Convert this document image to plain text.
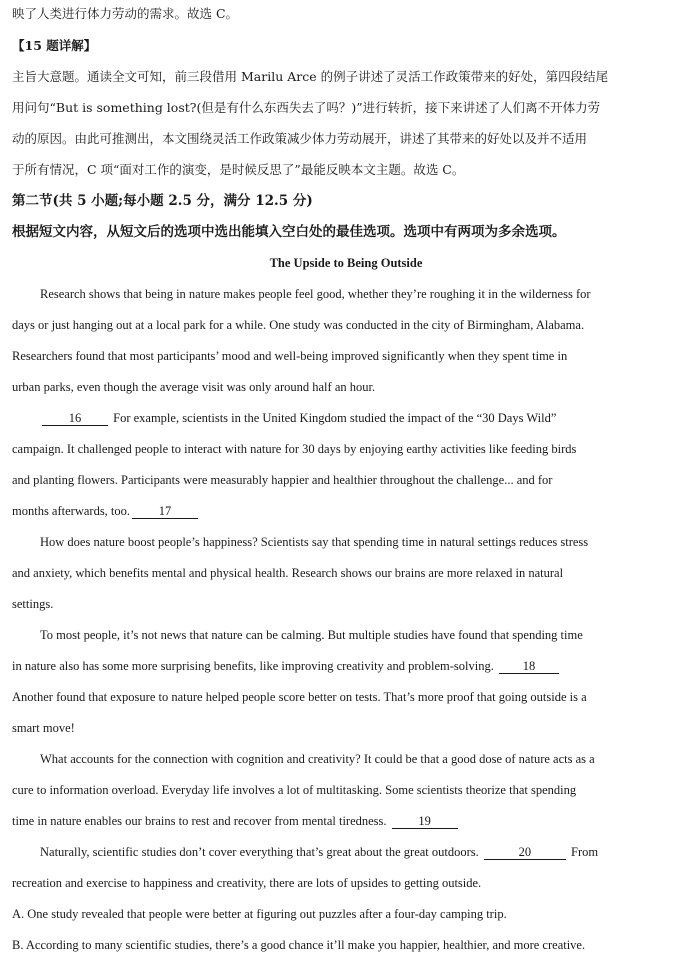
映了人类进行体力劳动的需求。故选 C。
【15 题详解】
主旨大意题。通读全文可知，前三段借用 Marilu Arce 的例子讲述了灵活工作政策带来的好处，第四段结尾
用问句“But is something lost?(但是有什么东西失去了吗？)”进行转折，接下来讲述了人们离不开体力劳
动的原因。由此可推测出，本文围绕灵活工作政策减少体力劳动展开，讲述了其带来的好处以及并不适用
于所有情况，C 项“面对工作的演变，是时候反思了”最能反映本文主题。故选 C。
第二节(共 5 小题;每小题 2.5 分，满分 12.5 分)
根据短文内容，从短文后的选项中选出能填入空白处的最佳选项。选项中有两项为多余选项。
The Upside to Being Outside
Research shows that being in nature makes people feel good, whether they’re roughing it in the wilderness for
days or just hanging out at a local park for a while. One study was conducted in the city of Birmingham, Alabama.
Researchers found that most participants’ mood and well-being improved significantly when they spent time in
urban parks, even though the average visit was only around half an hour.
16	For example, scientists in the United Kingdom studied the impact of the “30 Days Wild”
campaign. It challenged people to interact with nature for 30 days by enjoying earthy activities like feeding birds
and planting flowers. Participants were measurably happier and healthier throughout the challenge... and for
months afterwards, too. 17
How does nature boost people’s happiness? Scientists say that spending time in natural settings reduces stress
and anxiety, which benefits mental and physical health. Research shows our brains are more relaxed in natural
settings.
To most people, it’s not news that nature can be calming. But multiple studies have found that spending time
in nature also has some more surprising benefits, like improving creativity and problem-solving. 18
Another found that exposure to nature helped people score better on tests. That’s more proof that going outside is a
smart move!
What accounts for the connection with cognition and creativity? It could be that a good dose of nature acts as a
cure to information overload. Everyday life involves a lot of multitasking. Some scientists theorize that spending
time in nature enables our brains to rest and recover from mental tiredness.	19
Naturally, scientific studies don’t cover everything that’s great about the great outdoors.	20	From
recreation and exercise to happiness and creativity, there are lots of upsides to getting outside.
A. One study revealed that people were better at figuring out puzzles after a four-day camping trip.
B. According to many scientific studies, there’s a good chance it’ll make you happier, healthier, and more creative.
